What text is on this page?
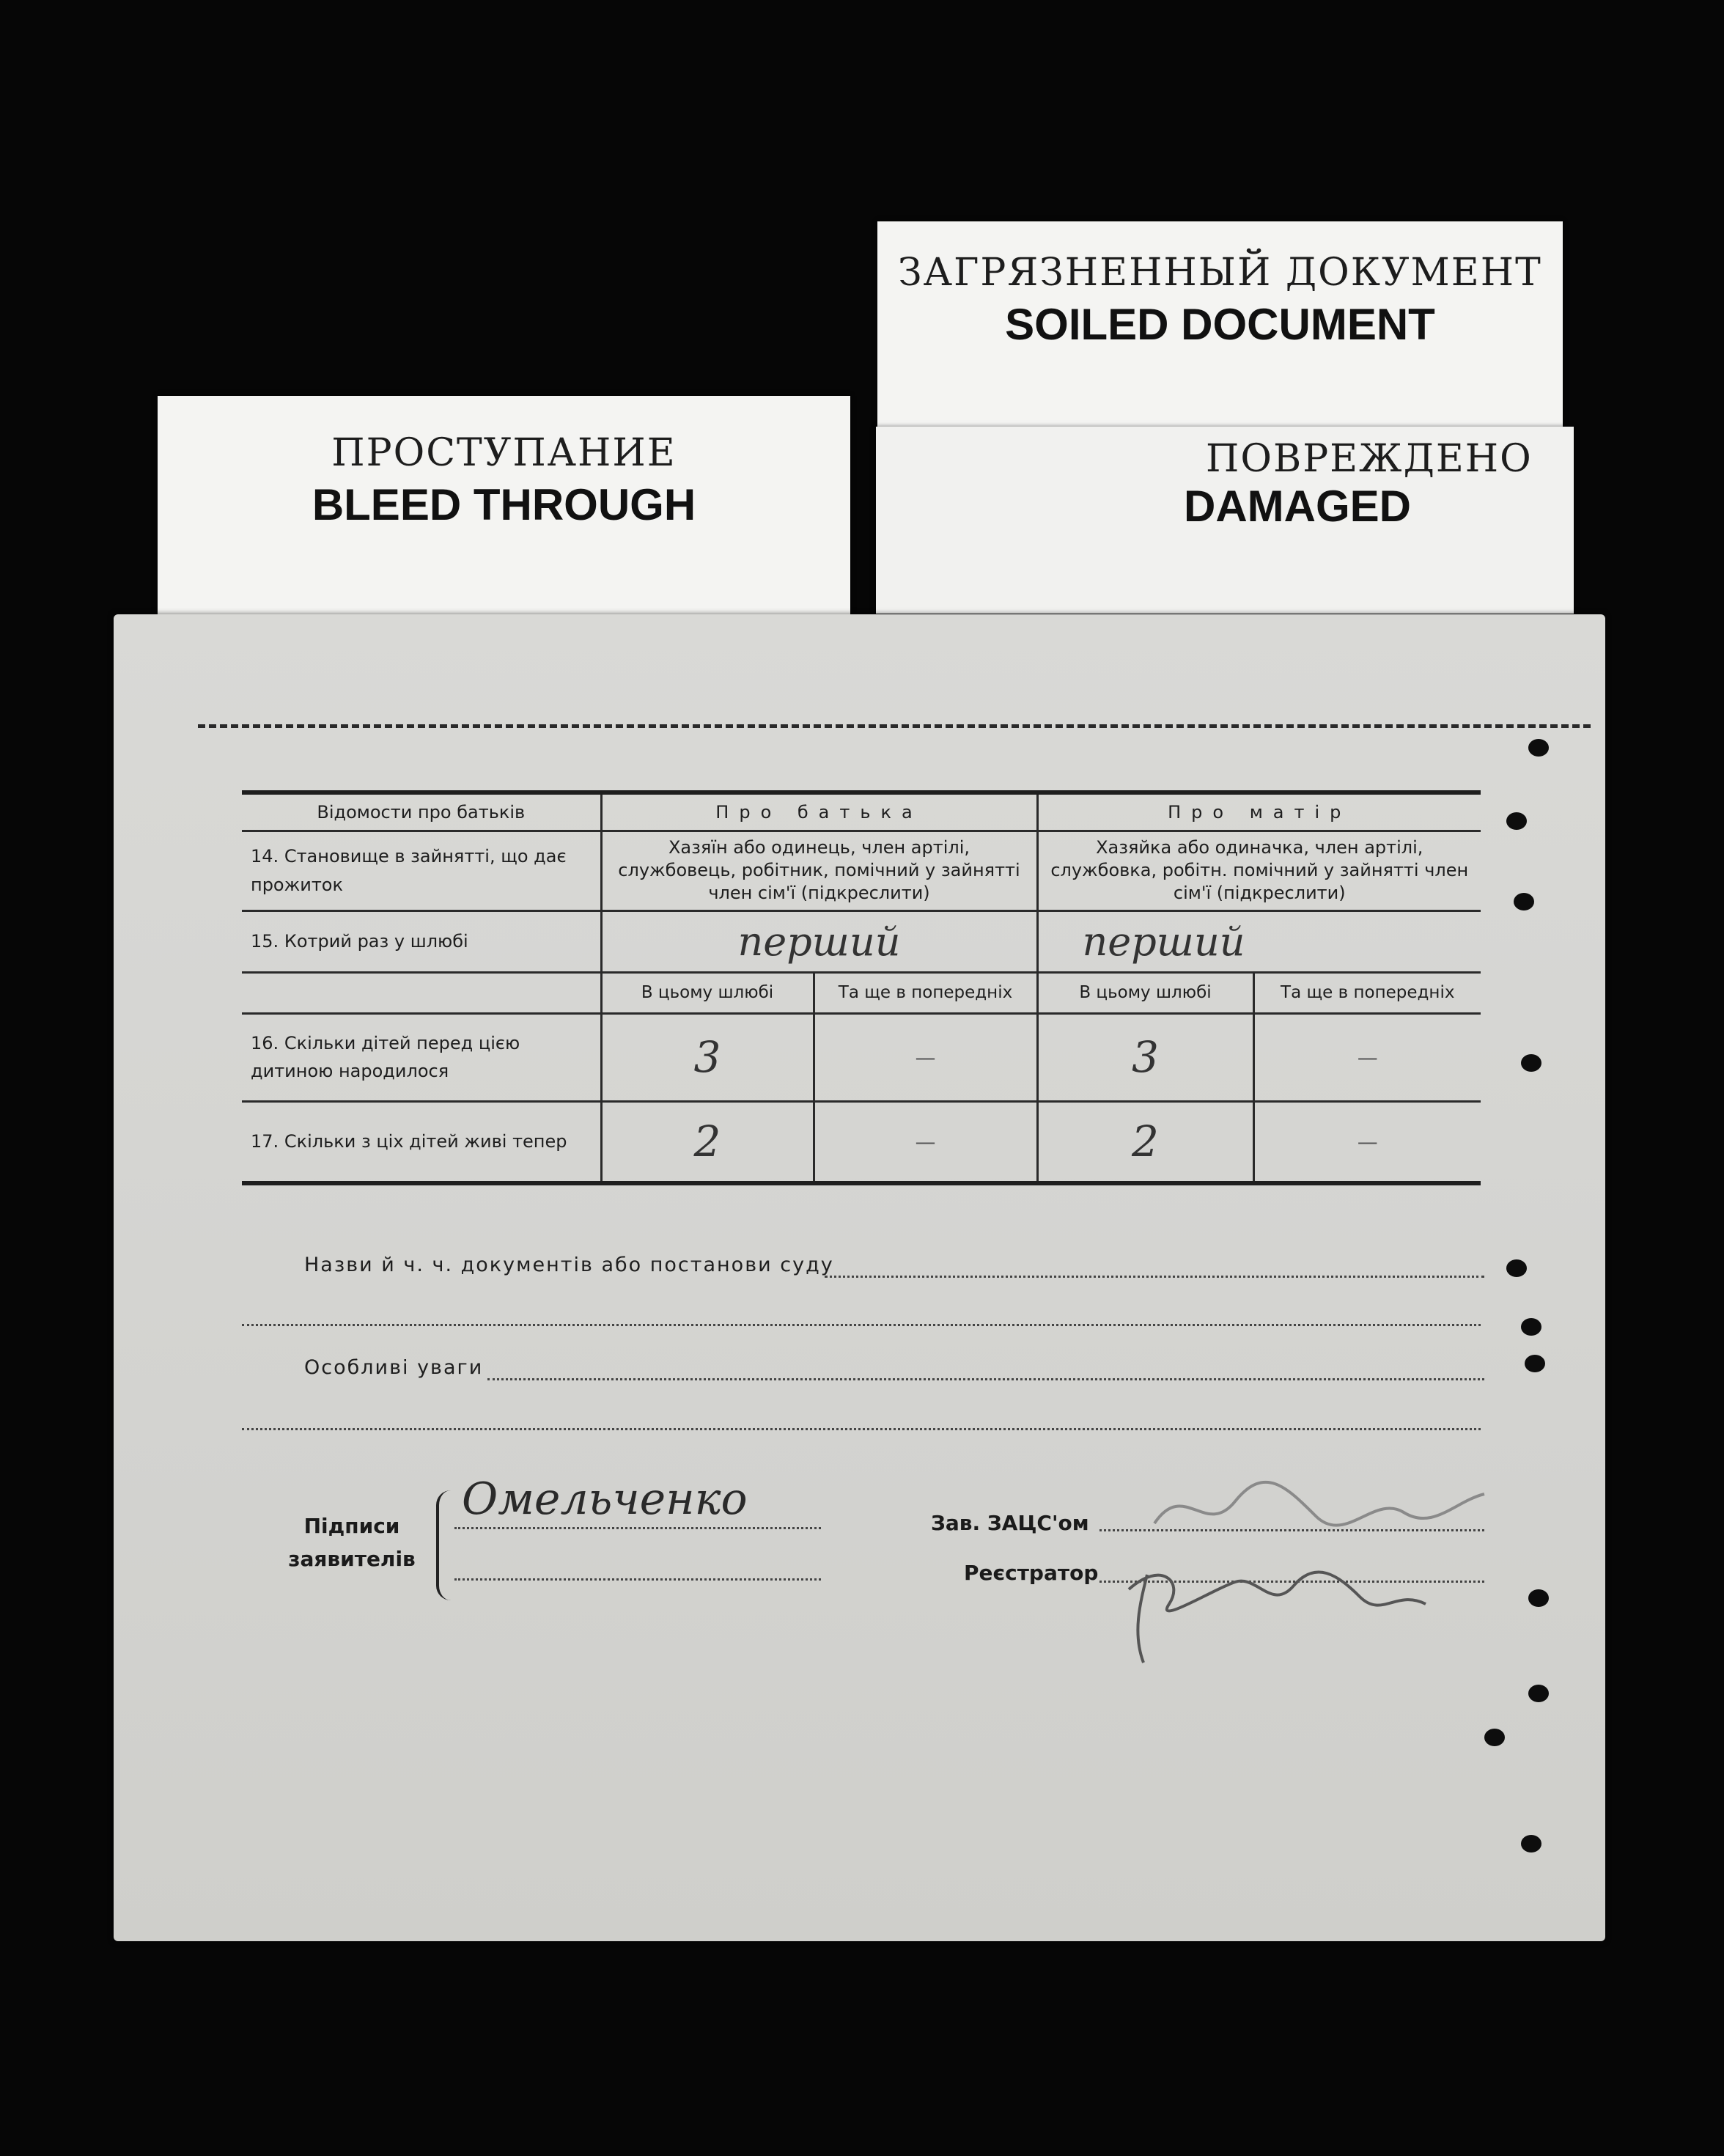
ЗАГРЯЗНЕННЫЙ ДОКУМЕНТ
SOILED DOCUMENT
ПОВРЕЖДЕНО
DAMAGED
ПРОСТУПАНИЕ
BLEED THROUGH
Відомости про батьків	Про батька		Про матір	
14. Становище в зайнятті, що дає прожиток	Хазяїн або одинець, член артілі, службовець, робітник, помічний у зайнятті член сім'ї (підкреслити)		Хазяйка або одиначка, член артілі, службовка, робітн. помічний у зайнятті член сім'ї (підкреслити)	
15. Котрий раз у шлюбі	перший		перший	
	В цьому шлюбі	Та ще в попередніх	В цьому шлюбі	Та ще в попередніх
16. Скільки дітей перед цією дитиною народилося	3	—	3	—
17. Скільки з ціх дітей живі тепер	2	—	2	—
Назви й ч. ч. документів або постанови суду
Особливі уваги
Підписи заявителів
Омельченко	Зав. ЗАЦС'ом
Реєстратор
